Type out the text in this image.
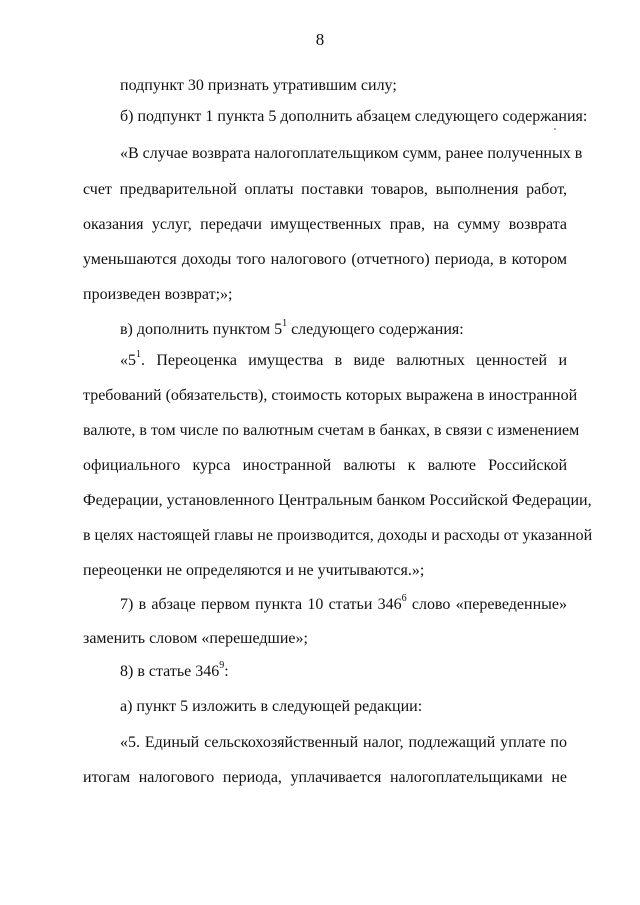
8
подпункт 30 признать утратившим силу;
б) подпункт 1 пункта 5 дополнить абзацем следующего содержания:
«В случае возврата налогоплательщиком сумм, ранее полученных в
счет предварительной оплаты поставки товаров, выполнения работ,
оказания услуг, передачи имущественных прав, на сумму возврата
уменьшаются доходы того налогового (отчетного) периода, в котором
произведен возврат;»;
в) дополнить пунктом $5^1$ следующего содержания:
«$5^1$. Переоценка имущества в виде валютных ценностей и
требований (обязательств), стоимость которых выражена в иностранной
валюте, в том числе по валютным счетам в банках, в связи с изменением
официального курса иностранной валюты к валюте Российской
Федерации, установленного Центральным банком Российской Федерации,
в целях настоящей главы не производится, доходы и расходы от указанной
переоценки не определяются и не учитываются.»;
7) в абзаце первом пункта 10 статьи $346^6$ слово «переведенные»
заменить словом «перешедшие»;
8) в статье $346^9$:
а) пункт 5 изложить в следующей редакции:
«5. Единый сельскохозяйственный налог, подлежащий уплате по
итогам налогового периода, уплачивается налогоплательщиками не
